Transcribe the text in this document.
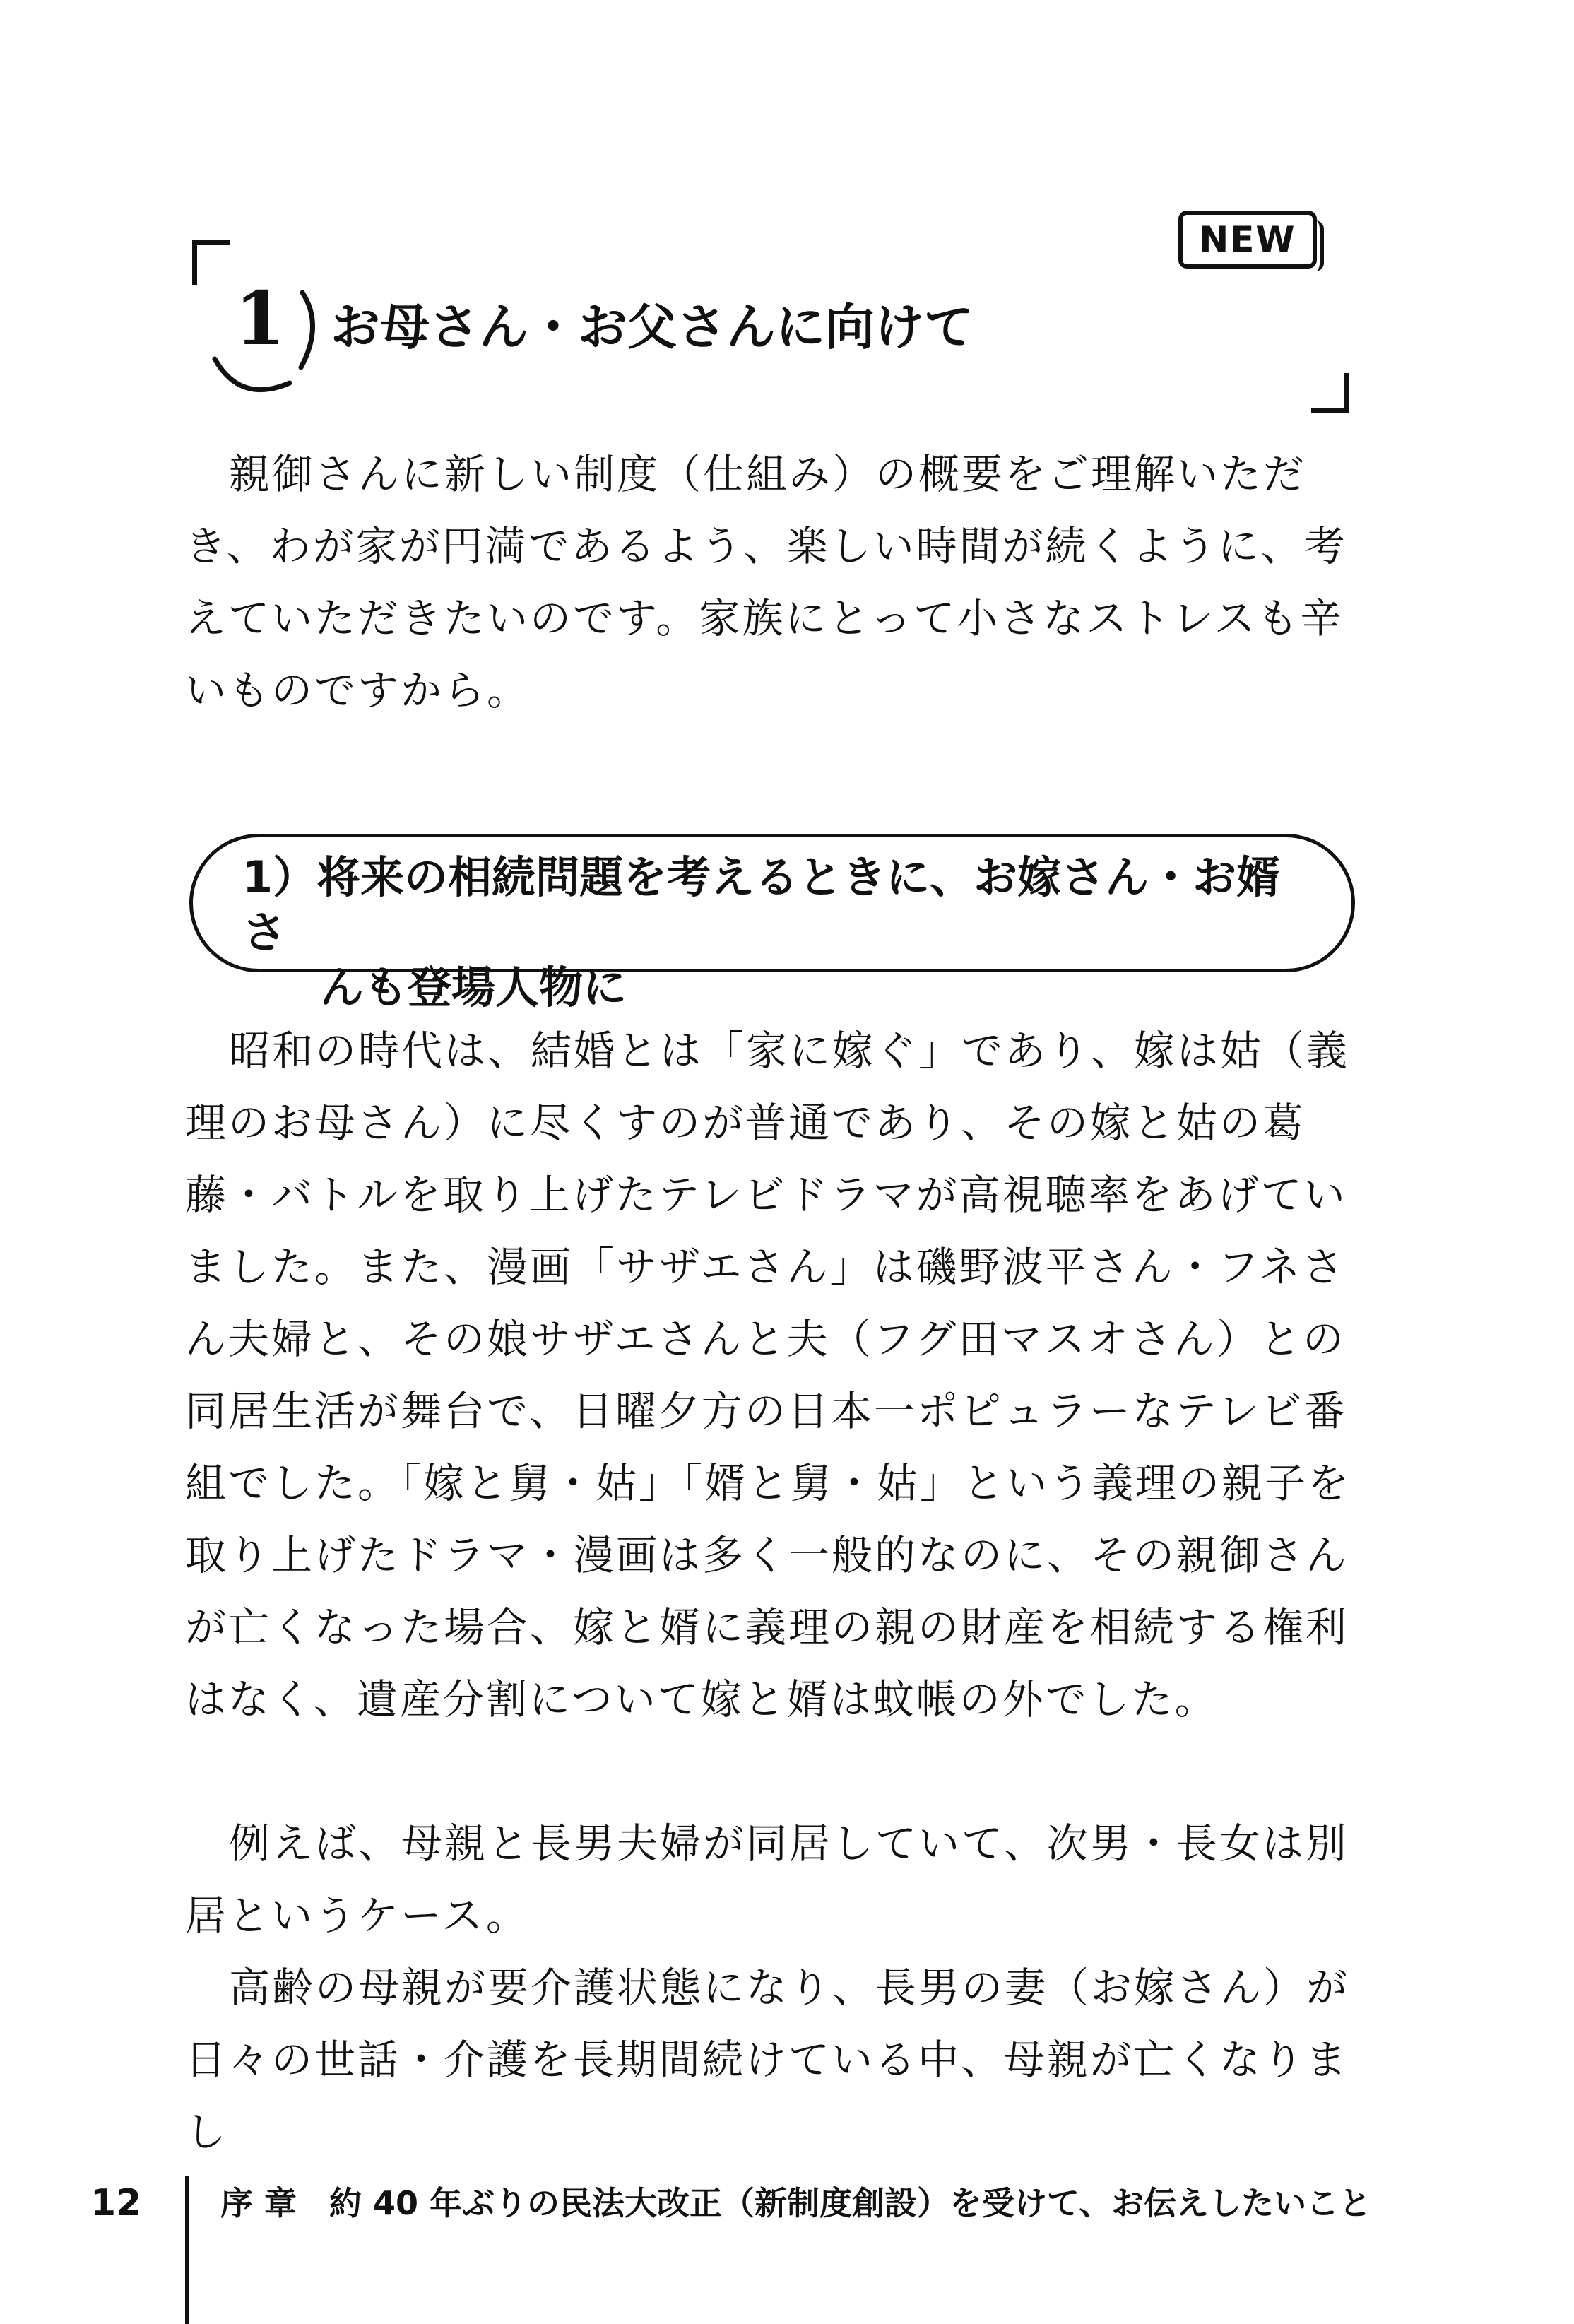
NEW
1 お母さん・お父さんに向けて

親御さんに新しい制度（仕組み）の概要をご理解いただき、わが家が円満であるよう、楽しい時間が続くように、考えていただきたいのです。家族にとって小さなストレスも辛いものですから。

1）将来の相続問題を考えるときに、お嫁さん・お婿さ
んも登場人物に

昭和の時代は、結婚とは「家に嫁ぐ」であり、嫁は姑（義理のお母さん）に尽くすのが普通であり、その嫁と姑の葛藤・バトルを取り上げたテレビドラマが高視聴率をあげていました。また、漫画「サザエさん」は磯野波平さん・フネさん夫婦と、その娘サザエさんと夫（フグ田マスオさん）との同居生活が舞台で、日曜夕方の日本一ポピュラーなテレビ番組でした。「嫁と舅・姑」「婿と舅・姑」という義理の親子を取り上げたドラマ・漫画は多く一般的なのに、その親御さんが亡くなった場合、嫁と婿に義理の親の財産を相続する権利はなく、遺産分割について嫁と婿は蚊帳の外でした。

例えば、母親と長男夫婦が同居していて、次男・長女は別居というケース。

高齢の母親が要介護状態になり、長男の妻（お嫁さん）が日々の世話・介護を長期間続けている中、母親が亡くなりまし

12 序 章　約 40 年ぶりの民法大改正（新制度創設）を受けて、お伝えしたいこと
